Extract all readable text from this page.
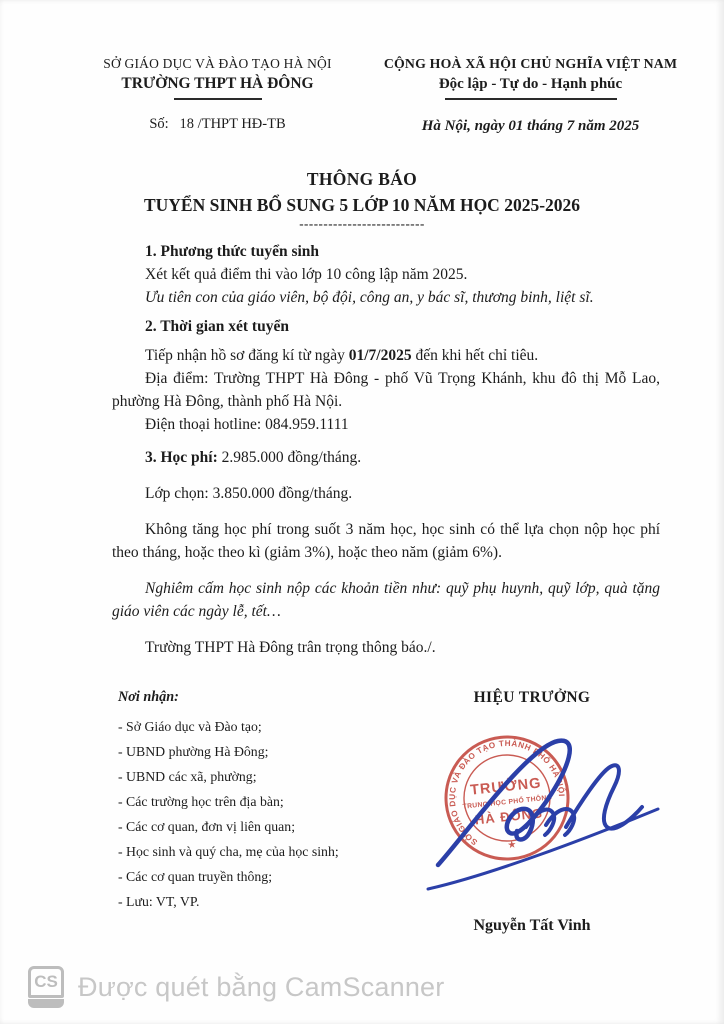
SỞ GIÁO DỤC VÀ ĐÀO TẠO HÀ NỘI
TRƯỜNG THPT HÀ ĐÔNG
Số:   18 /THPT HĐ-TB
CỘNG HOÀ XÃ HỘI CHỦ NGHĨA VIỆT NAM
Độc lập - Tự do - Hạnh phúc
Hà Nội, ngày 01 tháng 7 năm 2025
THÔNG BÁO
TUYỂN SINH BỔ SUNG 5 LỚP 10 NĂM HỌC 2025-2026
--------------------------

1. Phương thức tuyển sinh

Xét kết quả điểm thi vào lớp 10 công lập năm 2025.

Ưu tiên con của giáo viên, bộ đội, công an, y bác sĩ, thương binh, liệt sĩ.

2. Thời gian xét tuyển

Tiếp nhận hồ sơ đăng kí từ ngày 01/7/2025 đến khi hết chỉ tiêu.

Địa điểm: Trường THPT Hà Đông - phố Vũ Trọng Khánh, khu đô thị Mỗ Lao, phường Hà Đông, thành phố Hà Nội.

Điện thoại hotline: 084.959.1111

3. Học phí: 2.985.000 đồng/tháng.

Lớp chọn: 3.850.000 đồng/tháng.

Không tăng học phí trong suốt 3 năm học, học sinh có thể lựa chọn nộp học phí theo tháng, hoặc theo kì (giảm 3%), hoặc theo năm (giảm 6%).

Nghiêm cấm học sinh nộp các khoản tiền như: quỹ phụ huynh, quỹ lớp, quà tặng giáo viên các ngày lễ, tết…

Trường THPT Hà Đông trân trọng thông báo./.

Nơi nhận:
- Sở Giáo dục và Đào tạo;
- UBND phường Hà Đông;
- UBND các xã, phường;
- Các trường học trên địa bàn;
- Các cơ quan, đơn vị liên quan;
- Học sinh và quý cha, mẹ của học sinh;
- Các cơ quan truyền thông;
- Lưu: VT, VP.
HIỆU TRƯỞNG
SỞ GIÁO DỤC VÀ ĐÀO TẠO THÀNH PHỐ HÀ NỘI
TRƯỜNG
TRUNG HỌC PHỔ THÔNG
HÀ ĐÔNG
★
Nguyễn Tất Vinh
CS Được quét bằng CamScanner
